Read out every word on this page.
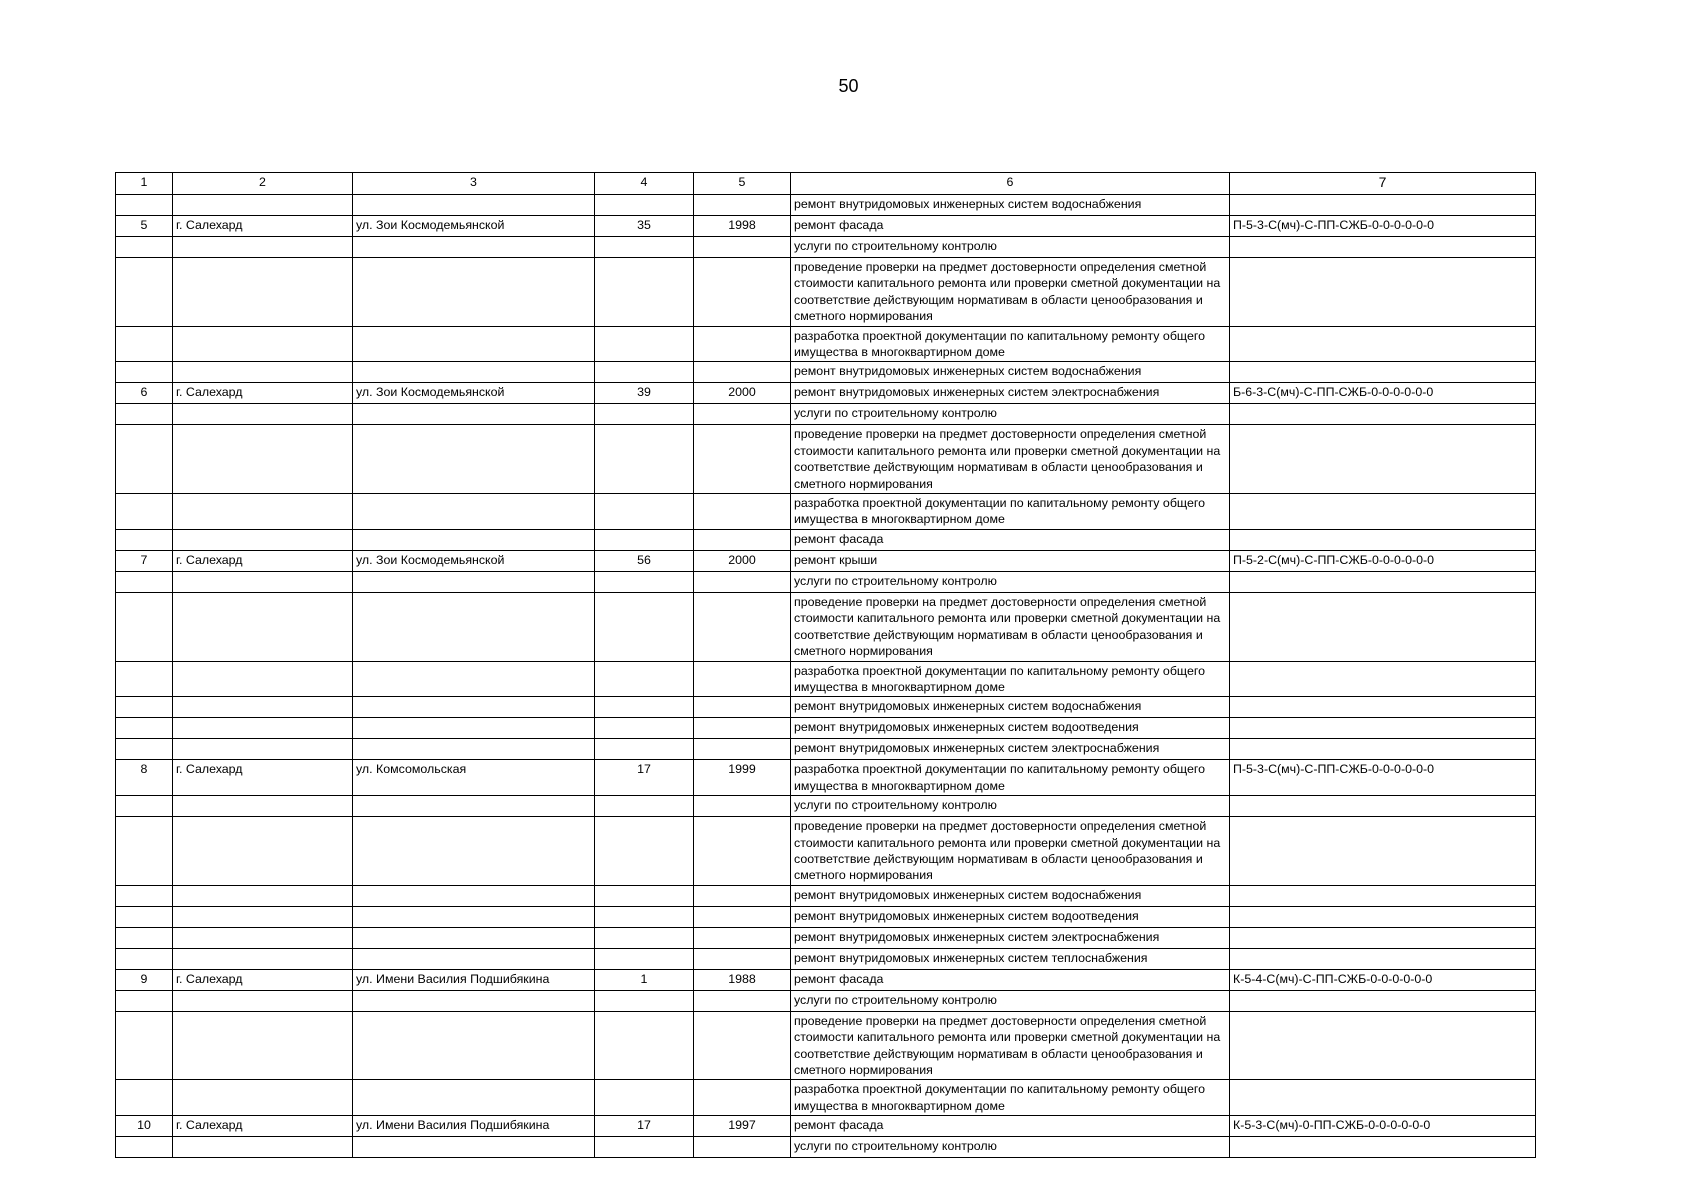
50
1	2	3	4	5	6	7
					ремонт внутридомовых инженерных систем водоснабжения	
5	г. Салехард	ул. Зои Космодемьянской	35	1998	ремонт фасада	П-5-3-С(мч)-С-ПП-СЖБ-0-0-0-0-0-0
					услуги по строительному контролю	
					проведение проверки на предмет достоверности определения сметной стоимости капитального ремонта или проверки сметной документации на соответствие действующим нормативам в области ценообразования и сметного нормирования	
					разработка проектной документации по капитальному ремонту общего имущества в многоквартирном доме	
					ремонт внутридомовых инженерных систем водоснабжения	
6	г. Салехард	ул. Зои Космодемьянской	39	2000	ремонт внутридомовых инженерных систем электроснабжения	Б-6-3-С(мч)-С-ПП-СЖБ-0-0-0-0-0-0
					услуги по строительному контролю	
					проведение проверки на предмет достоверности определения сметной стоимости капитального ремонта или проверки сметной документации на соответствие действующим нормативам в области ценообразования и сметного нормирования	
					разработка проектной документации по капитальному ремонту общего имущества в многоквартирном доме	
					ремонт фасада	
7	г. Салехард	ул. Зои Космодемьянской	56	2000	ремонт крыши	П-5-2-С(мч)-С-ПП-СЖБ-0-0-0-0-0-0
					услуги по строительному контролю	
					проведение проверки на предмет достоверности определения сметной стоимости капитального ремонта или проверки сметной документации на соответствие действующим нормативам в области ценообразования и сметного нормирования	
					разработка проектной документации по капитальному ремонту общего имущества в многоквартирном доме	
					ремонт внутридомовых инженерных систем водоснабжения	
					ремонт внутридомовых инженерных систем водоотведения	
					ремонт внутридомовых инженерных систем электроснабжения	
8	г. Салехард	ул. Комсомольская	17	1999	разработка проектной документации по капитальному ремонту общего имущества в многоквартирном доме	П-5-3-С(мч)-С-ПП-СЖБ-0-0-0-0-0-0
					услуги по строительному контролю	
					проведение проверки на предмет достоверности определения сметной стоимости капитального ремонта или проверки сметной документации на соответствие действующим нормативам в области ценообразования и сметного нормирования	
					ремонт внутридомовых инженерных систем водоснабжения	
					ремонт внутридомовых инженерных систем водоотведения	
					ремонт внутридомовых инженерных систем электроснабжения	
					ремонт внутридомовых инженерных систем теплоснабжения	
9	г. Салехард	ул. Имени Василия Подшибякина	1	1988	ремонт фасада	К-5-4-С(мч)-С-ПП-СЖБ-0-0-0-0-0-0
					услуги по строительному контролю	
					проведение проверки на предмет достоверности определения сметной стоимости капитального ремонта или проверки сметной документации на соответствие действующим нормативам в области ценообразования и сметного нормирования	
					разработка проектной документации по капитальному ремонту общего имущества в многоквартирном доме	
10	г. Салехард	ул. Имени Василия Подшибякина	17	1997	ремонт фасада	К-5-3-С(мч)-0-ПП-СЖБ-0-0-0-0-0-0
					услуги по строительному контролю	
